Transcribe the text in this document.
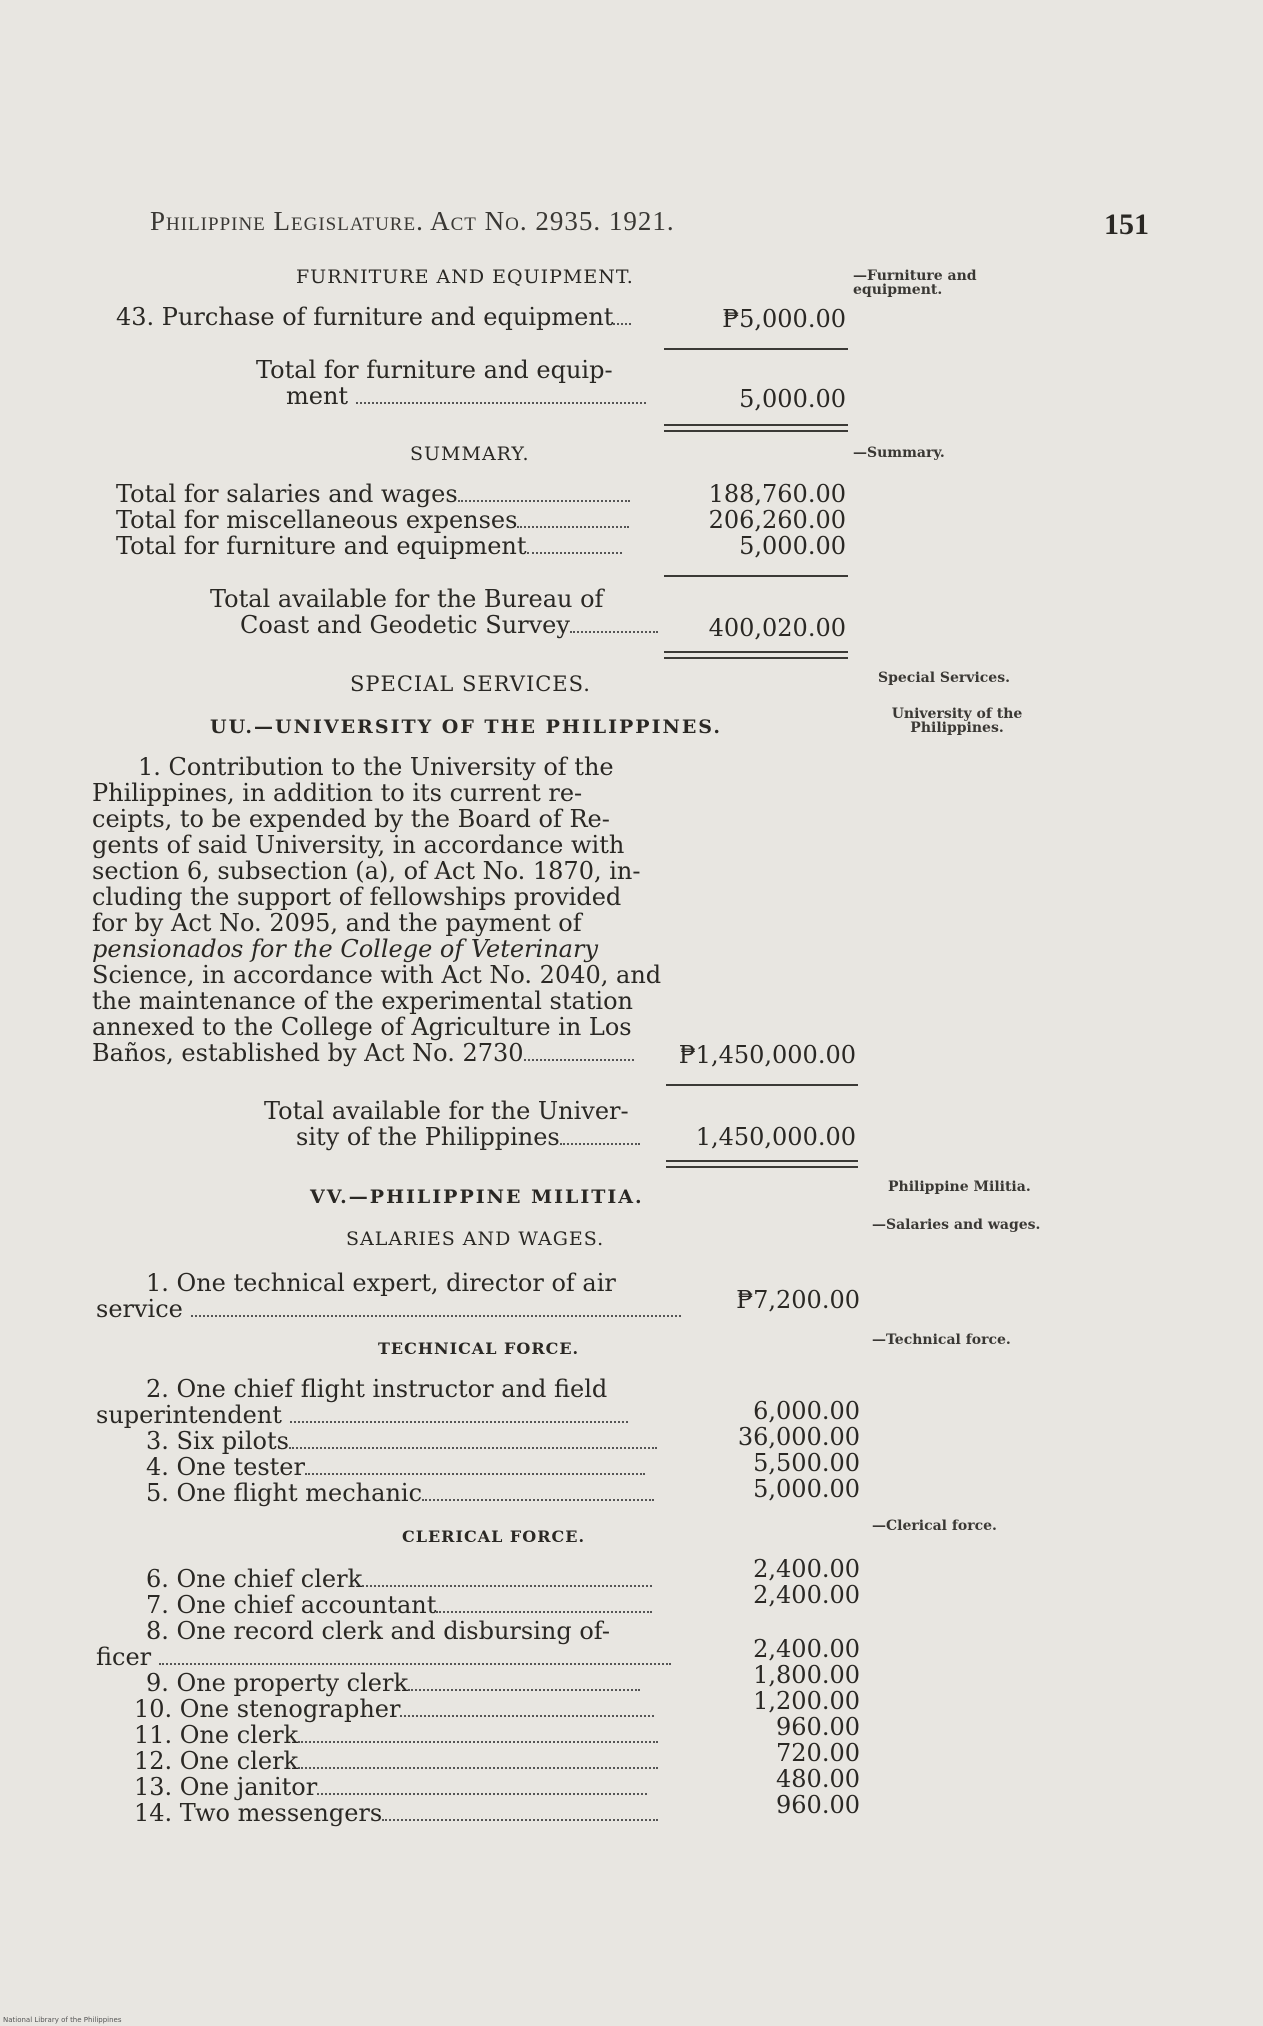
Philippine Legislature. Act No. 2935. 1921.	151
FURNITURE AND EQUIPMENT.	—Furniture and equipment.
43. Purchase of furniture and equipment	₱5,000.00
Total for furniture and equip-
ment	5,000.00
SUMMARY.	—Summary.
Total for salaries and wages	188,760.00
Total for miscellaneous expenses	206,260.00
Total for furniture and equipment	5,000.00
Total available for the Bureau of
Coast and Geodetic Survey	400,020.00
SPECIAL SERVICES.	Special Services.
UU.—UNIVERSITY OF THE PHILIPPINES.
University of the Philippines.
1. Contribution to the University of the
Philippines, in addition to its current re-
ceipts, to be expended by the Board of Re-
gents of said University, in accordance with
section 6, subsection (a), of Act No. 1870, in-
cluding the support of fellowships provided
for by Act No. 2095, and the payment of
pensionados for the College of Veterinary
Science, in accordance with Act No. 2040, and
the maintenance of the experimental station
annexed to the College of Agriculture in Los
Baños, established by Act No. 2730	₱1,450,000.00
Total available for the Univer-
sity of the Philippines	1,450,000.00
VV.—PHILIPPINE MILITIA.	Philippine Militia.
SALARIES AND WAGES.
—Salaries and wages.
1. One technical expert, director of air
service	₱7,200.00
TECHNICAL FORCE.	—Technical force.
2. One chief flight instructor and field
superintendent	6,000.00
3. Six pilots	36,000.00
4. One tester	5,500.00
5. One flight mechanic	5,000.00
CLERICAL FORCE.
—Clerical force.
6. One chief clerk	2,400.00
7. One chief accountant	2,400.00
8. One record clerk and disbursing of-
ficer	2,400.00
9. One property clerk	1,800.00
10. One stenographer	1,200.00
11. One clerk	960.00
12. One clerk	720.00
13. One janitor	480.00
14. Two messengers	960.00
National Library of the Philippines
